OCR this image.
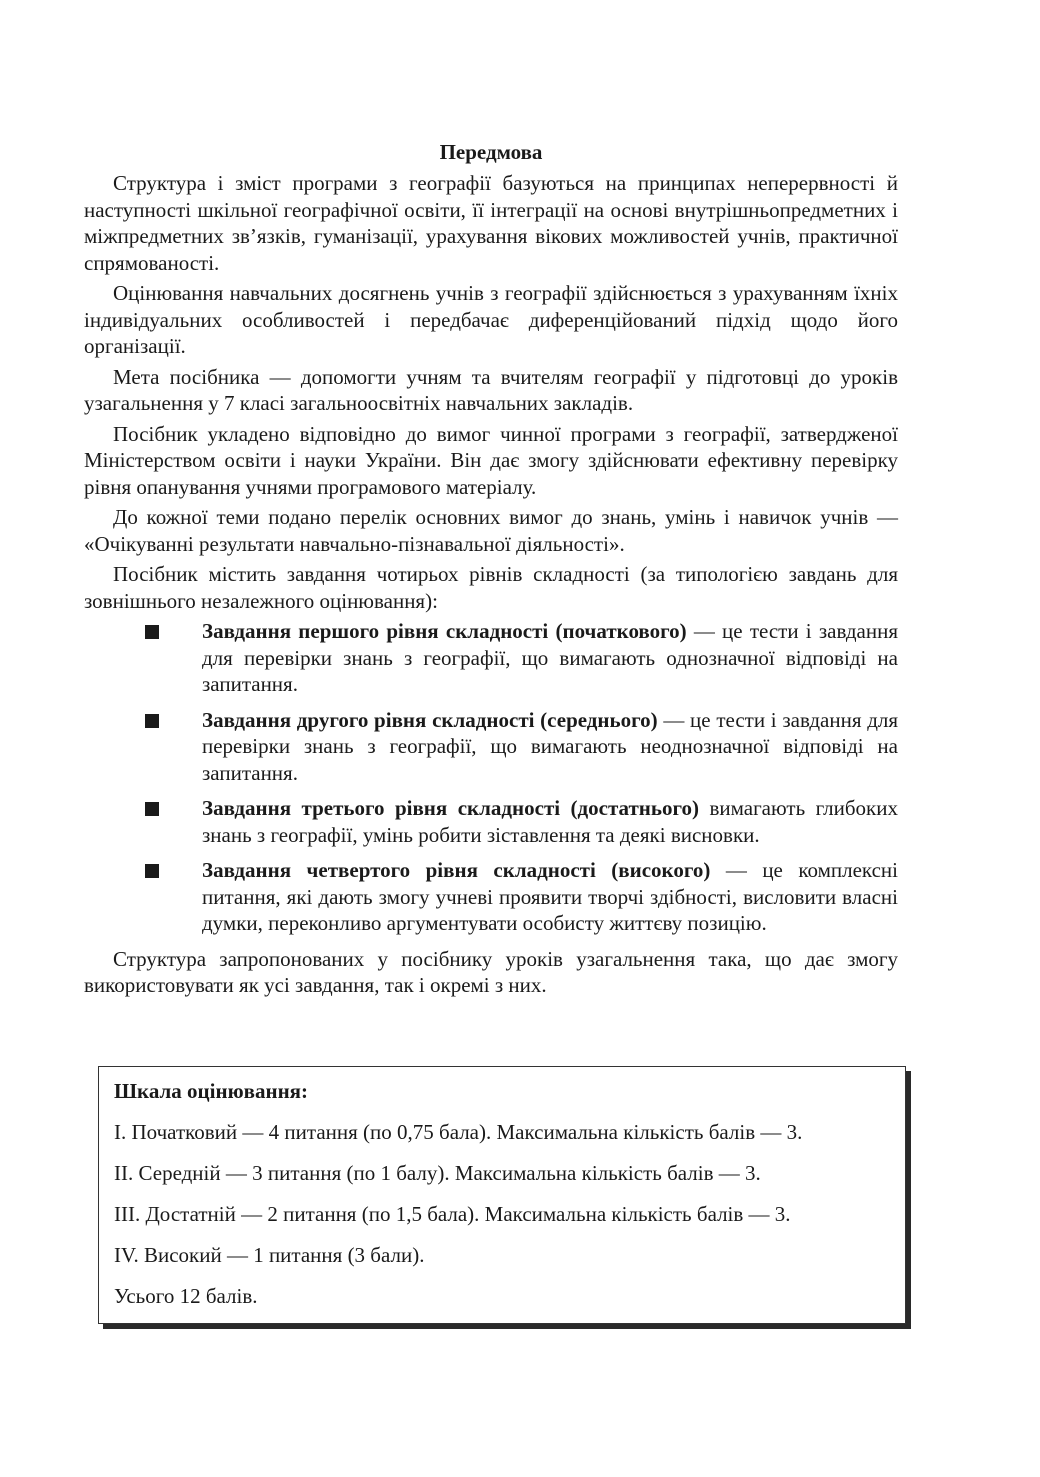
Передмова

Структура і зміст програми з географії базуються на принципах неперервності й наступності шкільної географічної освіти, її інтеграції на основі внутрішньопредметних і міжпредметних зв’язків, гуманізації, урахування вікових можливостей учнів, практичної спрямованості.

Оцінювання навчальних досягнень учнів з географії здійснюється з урахуванням їхніх індивідуальних особливостей і передбачає диференційований підхід щодо його організації.

Мета посібника — допомогти учням та вчителям географії у підготовці до уроків узагальнення у 7 класі загальноосвітніх навчальних закладів.

Посібник укладено відповідно до вимог чинної програми з географії, затвердженої Міністерством освіти і науки України. Він дає змогу здійснювати ефективну перевірку рівня опанування учнями програмового матеріалу.

До кожної теми подано перелік основних вимог до знань, умінь і навичок учнів — «Очікуванні результати навчально-пізнавальної діяльності».

Посібник містить завдання чотирьох рівнів складності (за типологією завдань для зовнішнього незалежного оцінювання):

Завдання першого рівня складності (початкового) — це тести і завдання для перевірки знань з географії, що вимагають однозначної відповіді на запитання.
Завдання другого рівня складності (середнього) — це тести і завдання для перевірки знань з географії, що вимагають неоднозначної відповіді на запитання.
Завдання третього рівня складності (достатнього) вимагають глибоких знань з географії, умінь робити зіставлення та деякі висновки.
Завдання четвертого рівня складності (високого) — це комплексні питання, які дають змогу учневі проявити творчі здібності, вислoвити власні думки, переконливо аргументувати особисту життєву позицію.

Структура запропонованих у посібнику уроків узагальнення така, що дає змогу використовувати як усі завдання, так і окремі з них.

Шкала оцінювання:
І. Початковий — 4 питання (по 0,75 бала). Максимальна кількість балів — 3.
ІІ. Середній — 3 питання (по 1 балу). Максимальна кількість балів — 3.
ІІІ. Достатній — 2 питання (по 1,5 бала). Максимальна кількість балів — 3.
ІV. Високий — 1 питання (3 бали).
Усього 12 балів.
